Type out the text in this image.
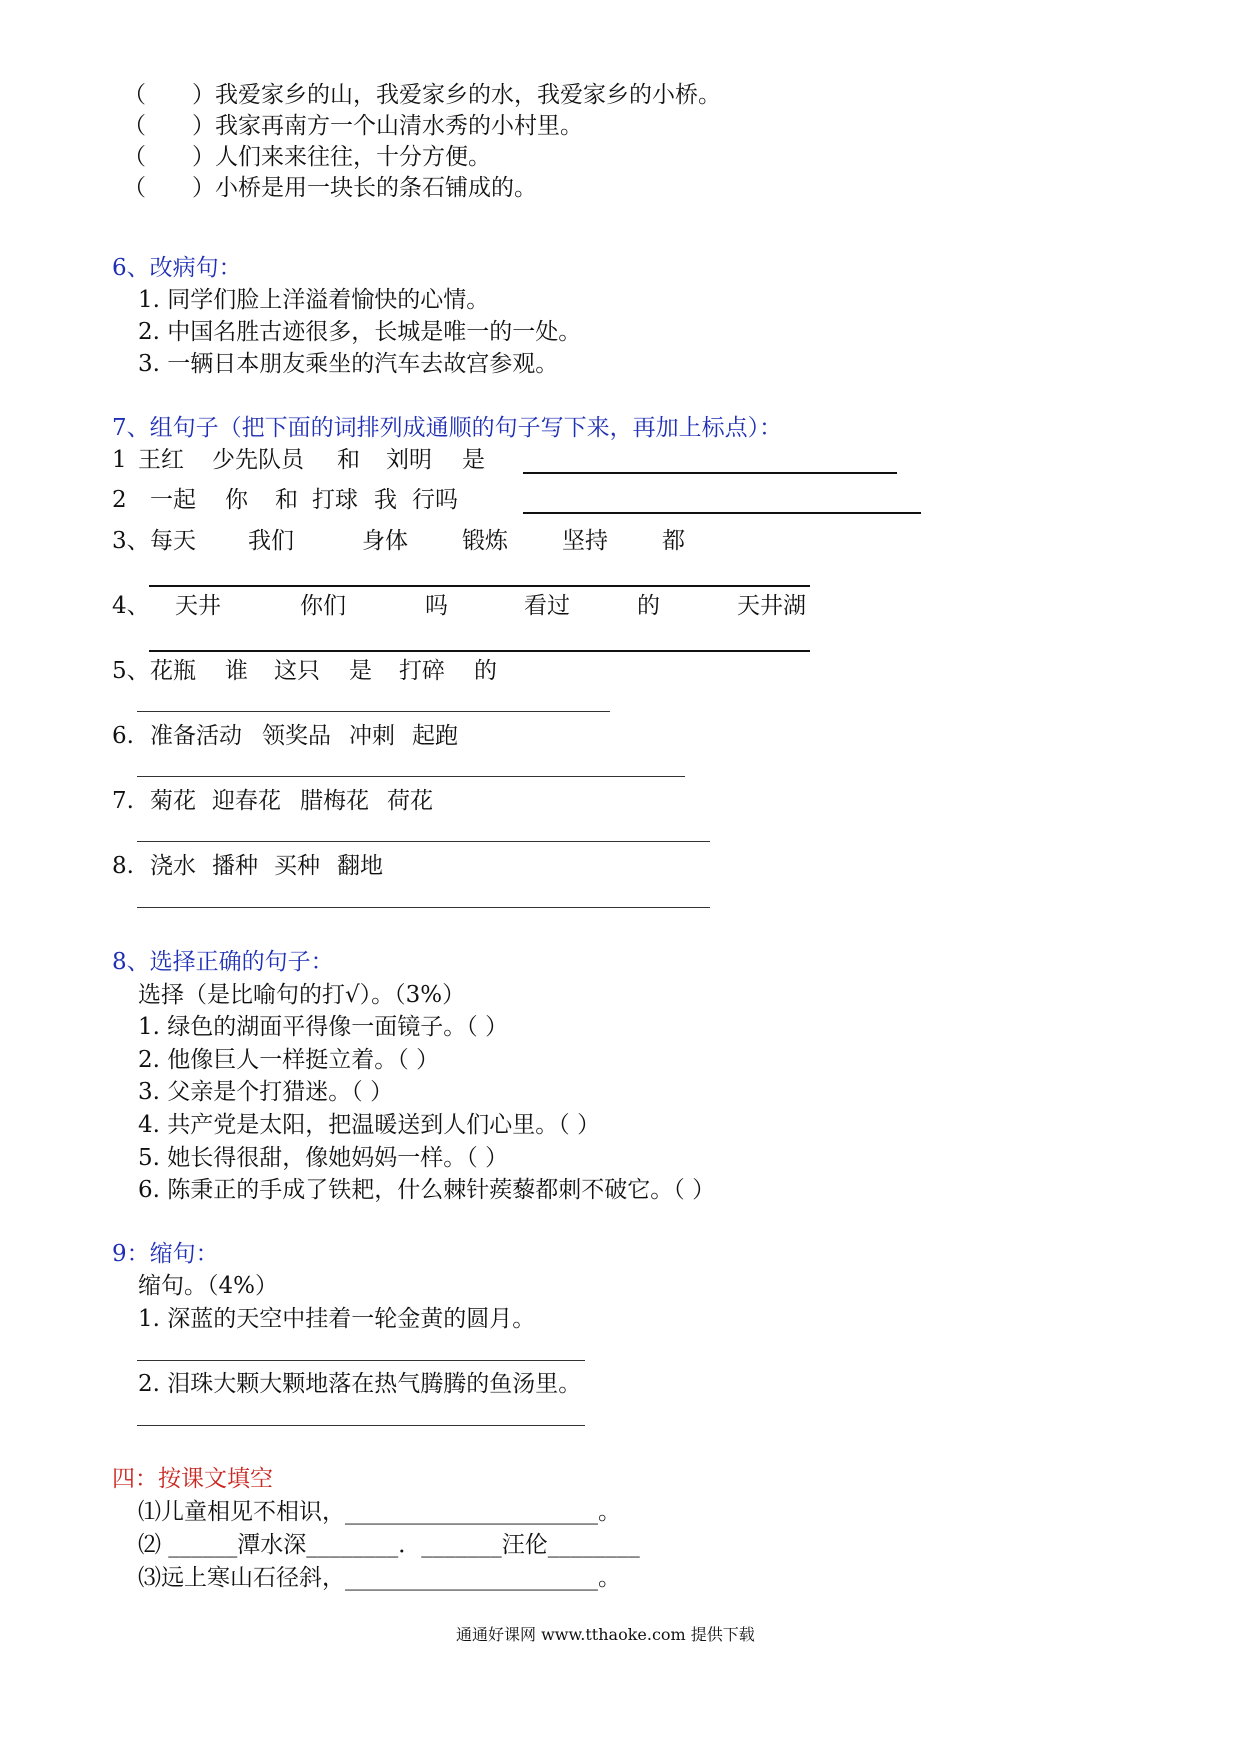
（　　）我爱家乡的山，我爱家乡的水，我爱家乡的小桥。
（　　）我家再南方一个山清水秀的小村里。
（　　）人们来来往往，十分方便。
（　　）小桥是用一块长的条石铺成的。
6、改病句：
1. 同学们脸上洋溢着愉快的心情。
2. 中国名胜古迹很多，长城是唯一的一处。
3. 一辆日本朋友乘坐的汽车去故宫参观。
7、组句子（把下面的词排列成通顺的句子写下来，再加上标点）：
1 王红 少先队员 和 刘明 是
2 一起 你 和 打球 我 行吗
3、 每天 我们	身体 锻炼 坚持 都
4、 天井	你们	吗	看过	的	天井湖
5、 花瓶 谁 这只 是 打碎 的
6. 准备活动 领奖品 冲刺 起跑
7. 菊花 迎春花 腊梅花 荷花
8. 浇水 播种 买种 翻地
8、选择正确的句子：
选择（是比喻句的打√）。（3%）
1. 绿色的湖面平得像一面镜子。（ ）
2. 他像巨人一样挺立着。（ ）
3. 父亲是个打猎迷。（ ）
4. 共产党是太阳，把温暖送到人们心里。（ ）
5. 她长得很甜，像她妈妈一样。（ ）
6. 陈秉正的手成了铁耙，什么棘针蒺藜都刺不破它。（ ）
9：缩句：
缩句。（4%）
1. 深蓝的天空中挂着一轮金黄的圆月。
2. 泪珠大颗大颗地落在热气腾腾的鱼汤里。
四：按课文填空
⑴儿童相见不相识，______________________。
⑵ ______潭水深________．_______汪伦________
⑶远上寒山石径斜，______________________。
通通好课网 www.tthaoke.com 提供下载
